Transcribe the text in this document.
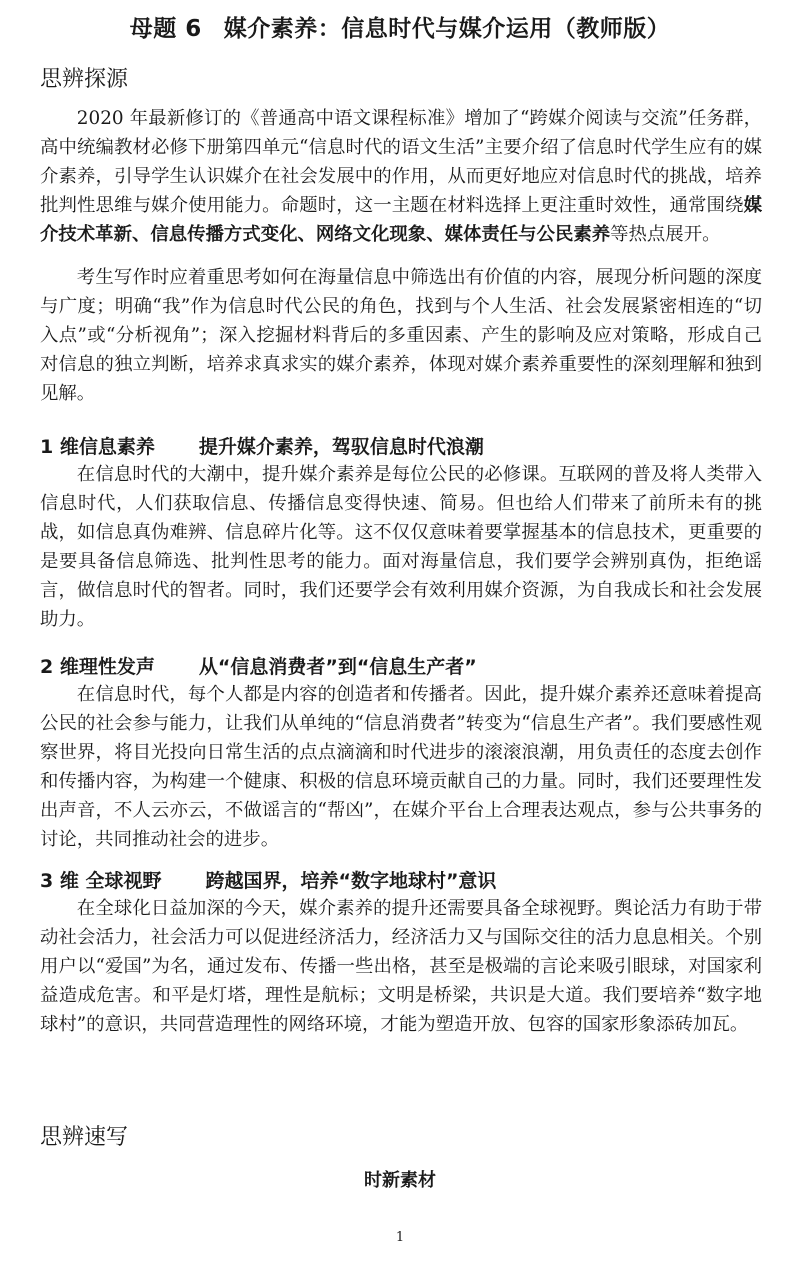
母题 6 媒介素养：信息时代与媒介运用（教师版）
思辨探源

2020 年最新修订的《普通高中语文课程标准》增加了“跨媒介阅读与交流”任务群，高中统编教材必修下册第四单元“信息时代的语文生活”主要介绍了信息时代学生应有的媒介素养，引导学生认识媒介在社会发展中的作用，从而更好地应对信息时代的挑战，培养批判性思维与媒介使用能力。命题时，这一主题在材料选择上更注重时效性，通常围绕媒介技术革新、信息传播方式变化、网络文化现象、媒体责任与公民素养等热点展开。

考生写作时应着重思考如何在海量信息中筛选出有价值的内容，展现分析问题的深度与广度；明确“我”作为信息时代公民的角色，找到与个人生活、社会发展紧密相连的“切入点”或“分析视角”；深入挖掘材料背后的多重因素、产生的影响及应对策略，形成自己对信息的独立判断，培养求真求实的媒介素养，体现对媒介素养重要性的深刻理解和独到见解。

1 维信息素养 提升媒介素养，驾驭信息时代浪潮

在信息时代的大潮中，提升媒介素养是每位公民的必修课。互联网的普及将人类带入信息时代，人们获取信息、传播信息变得快速、简易。但也给人们带来了前所未有的挑战，如信息真伪难辨、信息碎片化等。这不仅仅意味着要掌握基本的信息技术，更重要的是要具备信息筛选、批判性思考的能力。面对海量信息，我们要学会辨别真伪，拒绝谣言，做信息时代的智者。同时，我们还要学会有效利用媒介资源，为自我成长和社会发展助力。

2 维理性发声 从“信息消费者”到“信息生产者”

在信息时代，每个人都是内容的创造者和传播者。因此，提升媒介素养还意味着提高公民的社会参与能力，让我们从单纯的“信息消费者”转变为“信息生产者”。我们要感性观察世界，将目光投向日常生活的点点滴滴和时代进步的滚滚浪潮，用负责任的态度去创作和传播内容，为构建一个健康、积极的信息环境贡献自己的力量。同时，我们还要理性发出声音，不人云亦云，不做谣言的“帮凶”，在媒介平台上合理表达观点，参与公共事务的讨论，共同推动社会的进步。

3 维 全球视野 跨越国界，培养“数字地球村”意识

在全球化日益加深的今天，媒介素养的提升还需要具备全球视野。舆论活力有助于带动社会活力，社会活力可以促进经济活力，经济活力又与国际交往的活力息息相关。个别用户以“爱国”为名，通过发布、传播一些出格，甚至是极端的言论来吸引眼球，对国家利益造成危害。和平是灯塔，理性是航标；文明是桥梁，共识是大道。我们要培养“数字地球村”的意识，共同营造理性的网络环境，才能为塑造开放、包容的国家形象添砖加瓦。

思辨速写
时新素材
1
